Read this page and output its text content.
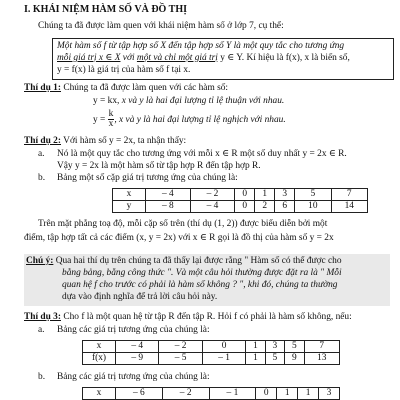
I. KHÁI NIỆM HÀM SỐ VÀ ĐỒ THỊ
Chúng ta đã được làm quen với khái niệm hàm số ở lớp 7, cụ thể:
Một hàm số f từ tập hợp số X đến tập hợp số Y là một quy tắc cho tương ứng
mỗi giá trị x ∈ X với một và chỉ một giá trị y ∈ Y. Kí hiệu là f(x), x là biến số,
y = f(x) là giá trị của hàm số f tại x.
Thí dụ 1: Chúng ta đã được làm quen với các hàm số:
y = kx, x và y là hai đại lượng tỉ lệ thuận với nhau.
$y = \frac{k}{x}$ , x và y là hai đại lượng tỉ lệ nghịch với nhau.
Thí dụ 2: Với hàm số y = 2x, ta nhận thấy:
a. Nó là một quy tắc cho tương ứng với mỗi x ∈ R một số duy nhất y = 2x ∈ R.
Vậy y = 2x là một hàm số từ tập hợp R đến tập hợp R.
b. Bảng một số cặp giá trị tương ứng của chúng là:
x	– 4	– 2	0	1	3	5	7
y	– 8	– 4	0	2	6	10	14
Trên mặt phẳng toạ độ, mỗi cặp số trên (thí dụ (1, 2)) được biểu diễn bởi một
điểm, tập hợp tất cả các điểm (x, y = 2x) với x ∈ R gọi là đồ thị của hàm số y = 2x
Chú ý: Qua hai thí dụ trên chúng ta đã thấy lại được rằng " Hàm số có thể được cho
bằng bảng, bằng công thức ". Và một câu hỏi thường được đặt ra là " Mỗi
quan hệ f cho trước có phải là hàm số không ? ", khi đó, chúng ta thường
dựa vào định nghĩa để trả lời câu hỏi này.
Thí dụ 3: Cho f là một quan hệ từ tập R đến tập R. Hỏi f có phải là hàm số không, nếu:
a. Bảng các giá trị tương ứng của chúng là:
x	– 4	– 2	0	1	3	5	7
f(x)	– 9	– 5	– 1	1	5	9	13
b. Bảng các giá trị tương ứng của chúng là:
x	– 6	– 2	– 1	0	1	1	3
